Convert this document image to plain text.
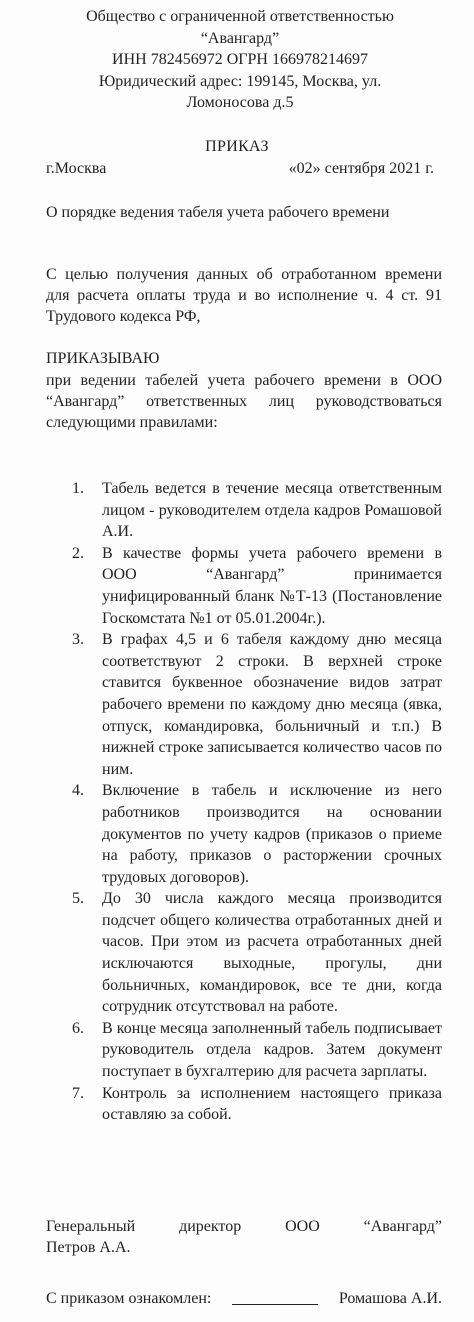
Общество с ограниченной ответственностью
“Авангард”
ИНН 782456972 ОГРН 166978214697
Юридический адрес: 199145, Москва, ул.
Ломоносова д.5
ПРИКАЗ
г.Москва	«02» сентября 2021 г.
О порядке ведения табеля учета рабочего времени
С целью получения данных об отработанном времени для расчета оплаты труда и во исполнение ч. 4 ст. 91 Трудового кодекса РФ,
ПРИКАЗЫВАЮ
при ведении табелей учета рабочего времени в ООО “Авангард” ответственных лиц руководствоваться следующими правилами:
1. Табель ведется в течение месяца ответственным лицом - руководителем отдела кадров Ромашовой А.И.
2. В качестве формы учета рабочего времени в ООО “Авангард” принимается унифицированный бланк №Т-13 (Постановление Госкомстата №1 от 05.01.2004г.).
3. В графах 4,5 и 6 табеля каждому дню месяца соответствуют 2 строки. В верхней строке ставится буквенное обозначение видов затрат рабочего времени по каждому дню месяца (явка, отпуск, командировка, больничный и т.п.) В нижней строке записывается количество часов по ним.
4. Включение в табель и исключение из него работников производится на основании документов по учету кадров (приказов о приеме на работу, приказов о расторжении срочных трудовых договоров).
5. До 30 числа каждого месяца производится подсчет общего количества отработанных дней и часов. При этом из расчета отработанных дней исключаются выходные, прогулы, дни больничных, командировок, все те дни, когда сотрудник отсутствовал на работе.
6. В конце месяца заполненный табель подписывает руководитель отдела кадров. Затем документ поступает в бухгалтерию для расчета зарплаты.
7. Контроль за исполнением настоящего приказа оставляю за собой.
Генеральный	директор	ООО	“Авангард”
Петров А.А.
С приказом ознакомлен:	Ромашова А.И.
